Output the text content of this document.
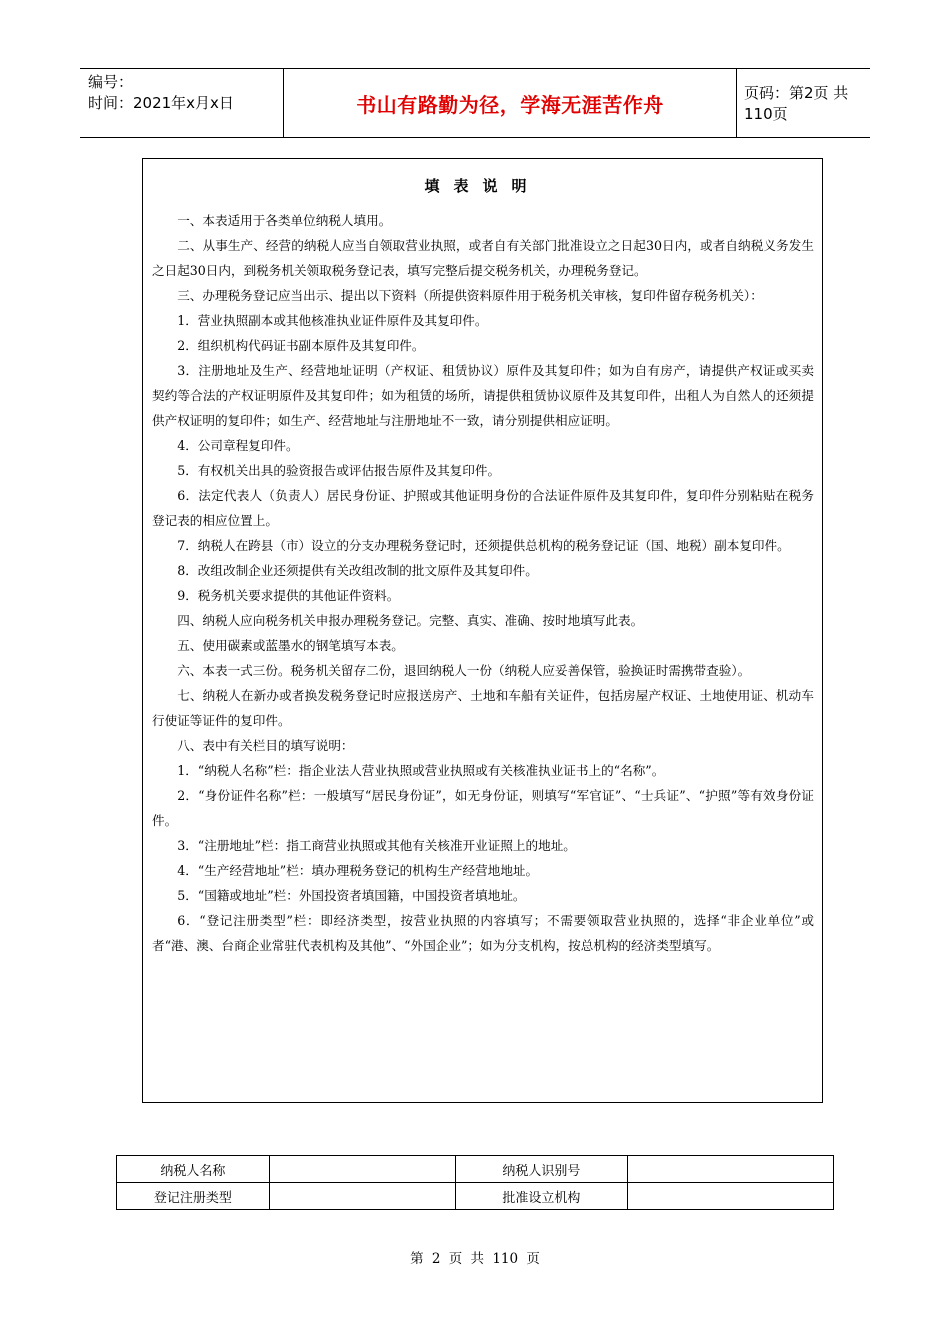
编号：
时间：2021年x月x日	书山有路勤为径，学海无涯苦作舟	页码：第2页 共110页
填表说明

一、本表适用于各类单位纳税人填用。

二、从事生产、经营的纳税人应当自领取营业执照，或者自有关部门批准设立之日起30日内，或者自纳税义务发生之日起30日内，到税务机关领取税务登记表，填写完整后提交税务机关，办理税务登记。

三、办理税务登记应当出示、提出以下资料（所提供资料原件用于税务机关审核，复印件留存税务机关）：

1．营业执照副本或其他核准执业证件原件及其复印件。

2．组织机构代码证书副本原件及其复印件。

3．注册地址及生产、经营地址证明（产权证、租赁协议）原件及其复印件；如为自有房产，请提供产权证或买卖契约等合法的产权证明原件及其复印件；如为租赁的场所，请提供租赁协议原件及其复印件，出租人为自然人的还须提供产权证明的复印件；如生产、经营地址与注册地址不一致，请分别提供相应证明。

4．公司章程复印件。

5．有权机关出具的验资报告或评估报告原件及其复印件。

6．法定代表人（负责人）居民身份证、护照或其他证明身份的合法证件原件及其复印件，复印件分别粘贴在税务登记表的相应位置上。

7．纳税人在跨县（市）设立的分支办理税务登记时，还须提供总机构的税务登记证（国、地税）副本复印件。

8．改组改制企业还须提供有关改组改制的批文原件及其复印件。

9．税务机关要求提供的其他证件资料。

四、纳税人应向税务机关申报办理税务登记。完整、真实、准确、按时地填写此表。

五、使用碳素或蓝墨水的钢笔填写本表。

六、本表一式三份。税务机关留存二份，退回纳税人一份（纳税人应妥善保管，验换证时需携带查验）。

七、纳税人在新办或者换发税务登记时应报送房产、土地和车船有关证件，包括房屋产权证、土地使用证、机动车行使证等证件的复印件。

八、表中有关栏目的填写说明：

1．“纳税人名称”栏：指企业法人营业执照或营业执照或有关核准执业证书上的“名称”。

2．“身份证件名称”栏：一般填写“居民身份证”，如无身份证，则填写“军官证”、“士兵证”、“护照”等有效身份证件。

3．“注册地址”栏：指工商营业执照或其他有关核准开业证照上的地址。

4．“生产经营地址”栏：填办理税务登记的机构生产经营地地址。

5．“国籍或地址”栏：外国投资者填国籍，中国投资者填地址。

6．“登记注册类型”栏：即经济类型，按营业执照的内容填写；不需要领取营业执照的，选择“非企业单位”或者“港、澳、台商企业常驻代表机构及其他”、“外国企业”；如为分支机构，按总机构的经济类型填写。

纳税人名称		纳税人识别号	
登记注册类型		批准设立机构	
第 2 页 共 110 页
